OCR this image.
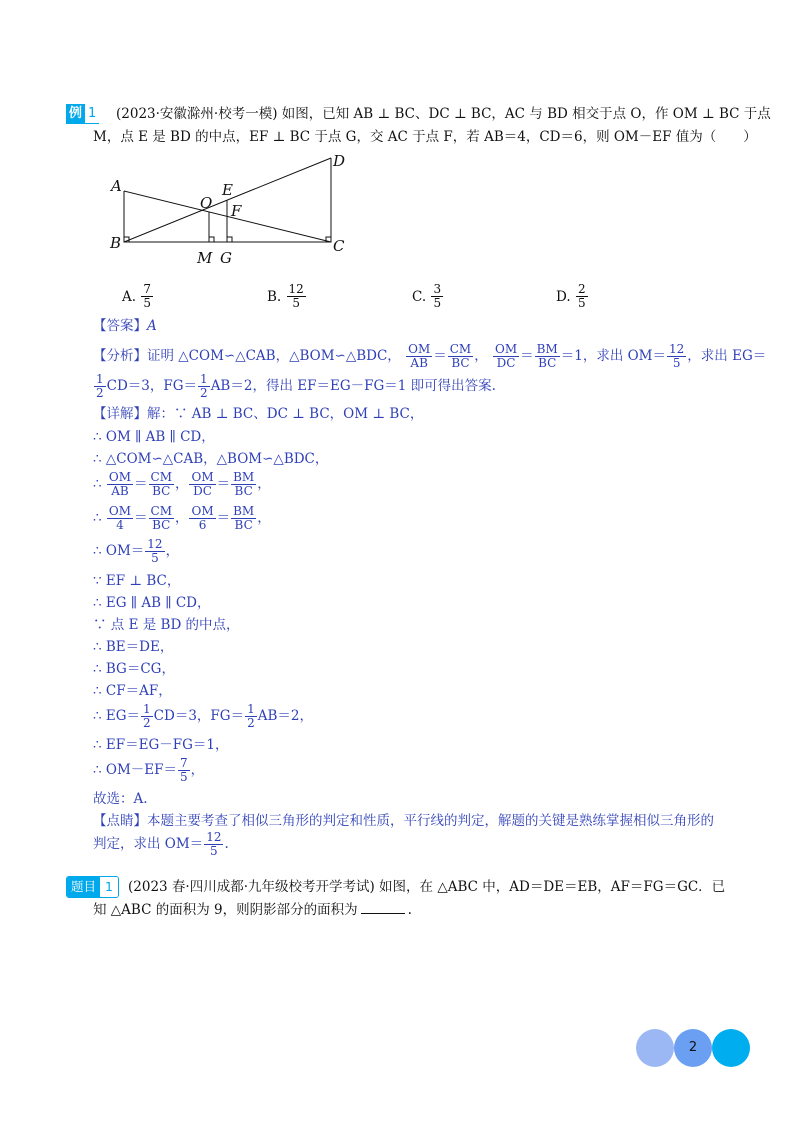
例 1 (2023·安徽滁州·校考一模) 如图，已知 AB ⊥ BC、DC ⊥ BC，AC 与 BD 相交于点 O，作 OM ⊥ BC 于点
M，点 E 是 BD 的中点，EF ⊥ BC 于点 G，交 AC 于点 F，若 AB＝4，CD＝6，则 OM－EF 值为（　　）
A
B	C
D
E
F
O
M G
A.
$\frac{7}{5}$	B.
$\frac{12}{5}$	C.
$\frac{3}{5}$	D.
$\frac{2}{5}$
【答案】A
【分析】证明 △COM∽△CAB，△BOM∽△BDC， $\frac{OM}{AB} = \frac{CM}{BC}$ ， $\frac{OM}{DC} = \frac{BM}{BC} =1$，求出 $OM= \frac{12}{5}$ ，求出 EG＝
$\frac{1}{2} CD=3$，$FG= \frac{1}{2} AB=2$，得出 EF＝EG－FG＝1 即可得出答案.
【详解】解：∵ AB ⊥ BC、DC ⊥ BC，OM ⊥ BC，
∴ OM ∥ AB ∥ CD，
∴ △COM∽△CAB，△BOM∽△BDC，
∴ $\frac{OM}{AB} = \frac{CM}{BC}$ ， $\frac{OM}{DC} = \frac{BM}{BC}$ ，
∴ $\frac{OM}{4} = \frac{CM}{BC}$ ， $\frac{OM}{6} = \frac{BM}{BC}$ ，
∴ $OM= \frac{12}{5}$ ，
∵ EF ⊥ BC，
∴ EG ∥ AB ∥ CD，
∵ 点 E 是 BD 的中点，
∴ BE＝DE，
∴ BG＝CG，
∴ CF＝AF，
∴ $EG= \frac{1}{2} CD=3$，$FG= \frac{1}{2} AB=2$，
∴ EF＝EG－FG＝1，
∴ $OM-EF= \frac{7}{5}$ ，
故选：A.
【点睛】本题主要考查了相似三角形的判定和性质，平行线的判定，解题的关键是熟练掌握相似三角形的
判定，求出 $OM= \frac{12}{5}$ .
题目 1	(2023 春·四川成都·九年级校考开学考试) 如图，在 △ABC 中，AD＝DE＝EB，AF＝FG＝GC．已
知 △ABC 的面积为 9，则阴影部分的面积为	.
2
